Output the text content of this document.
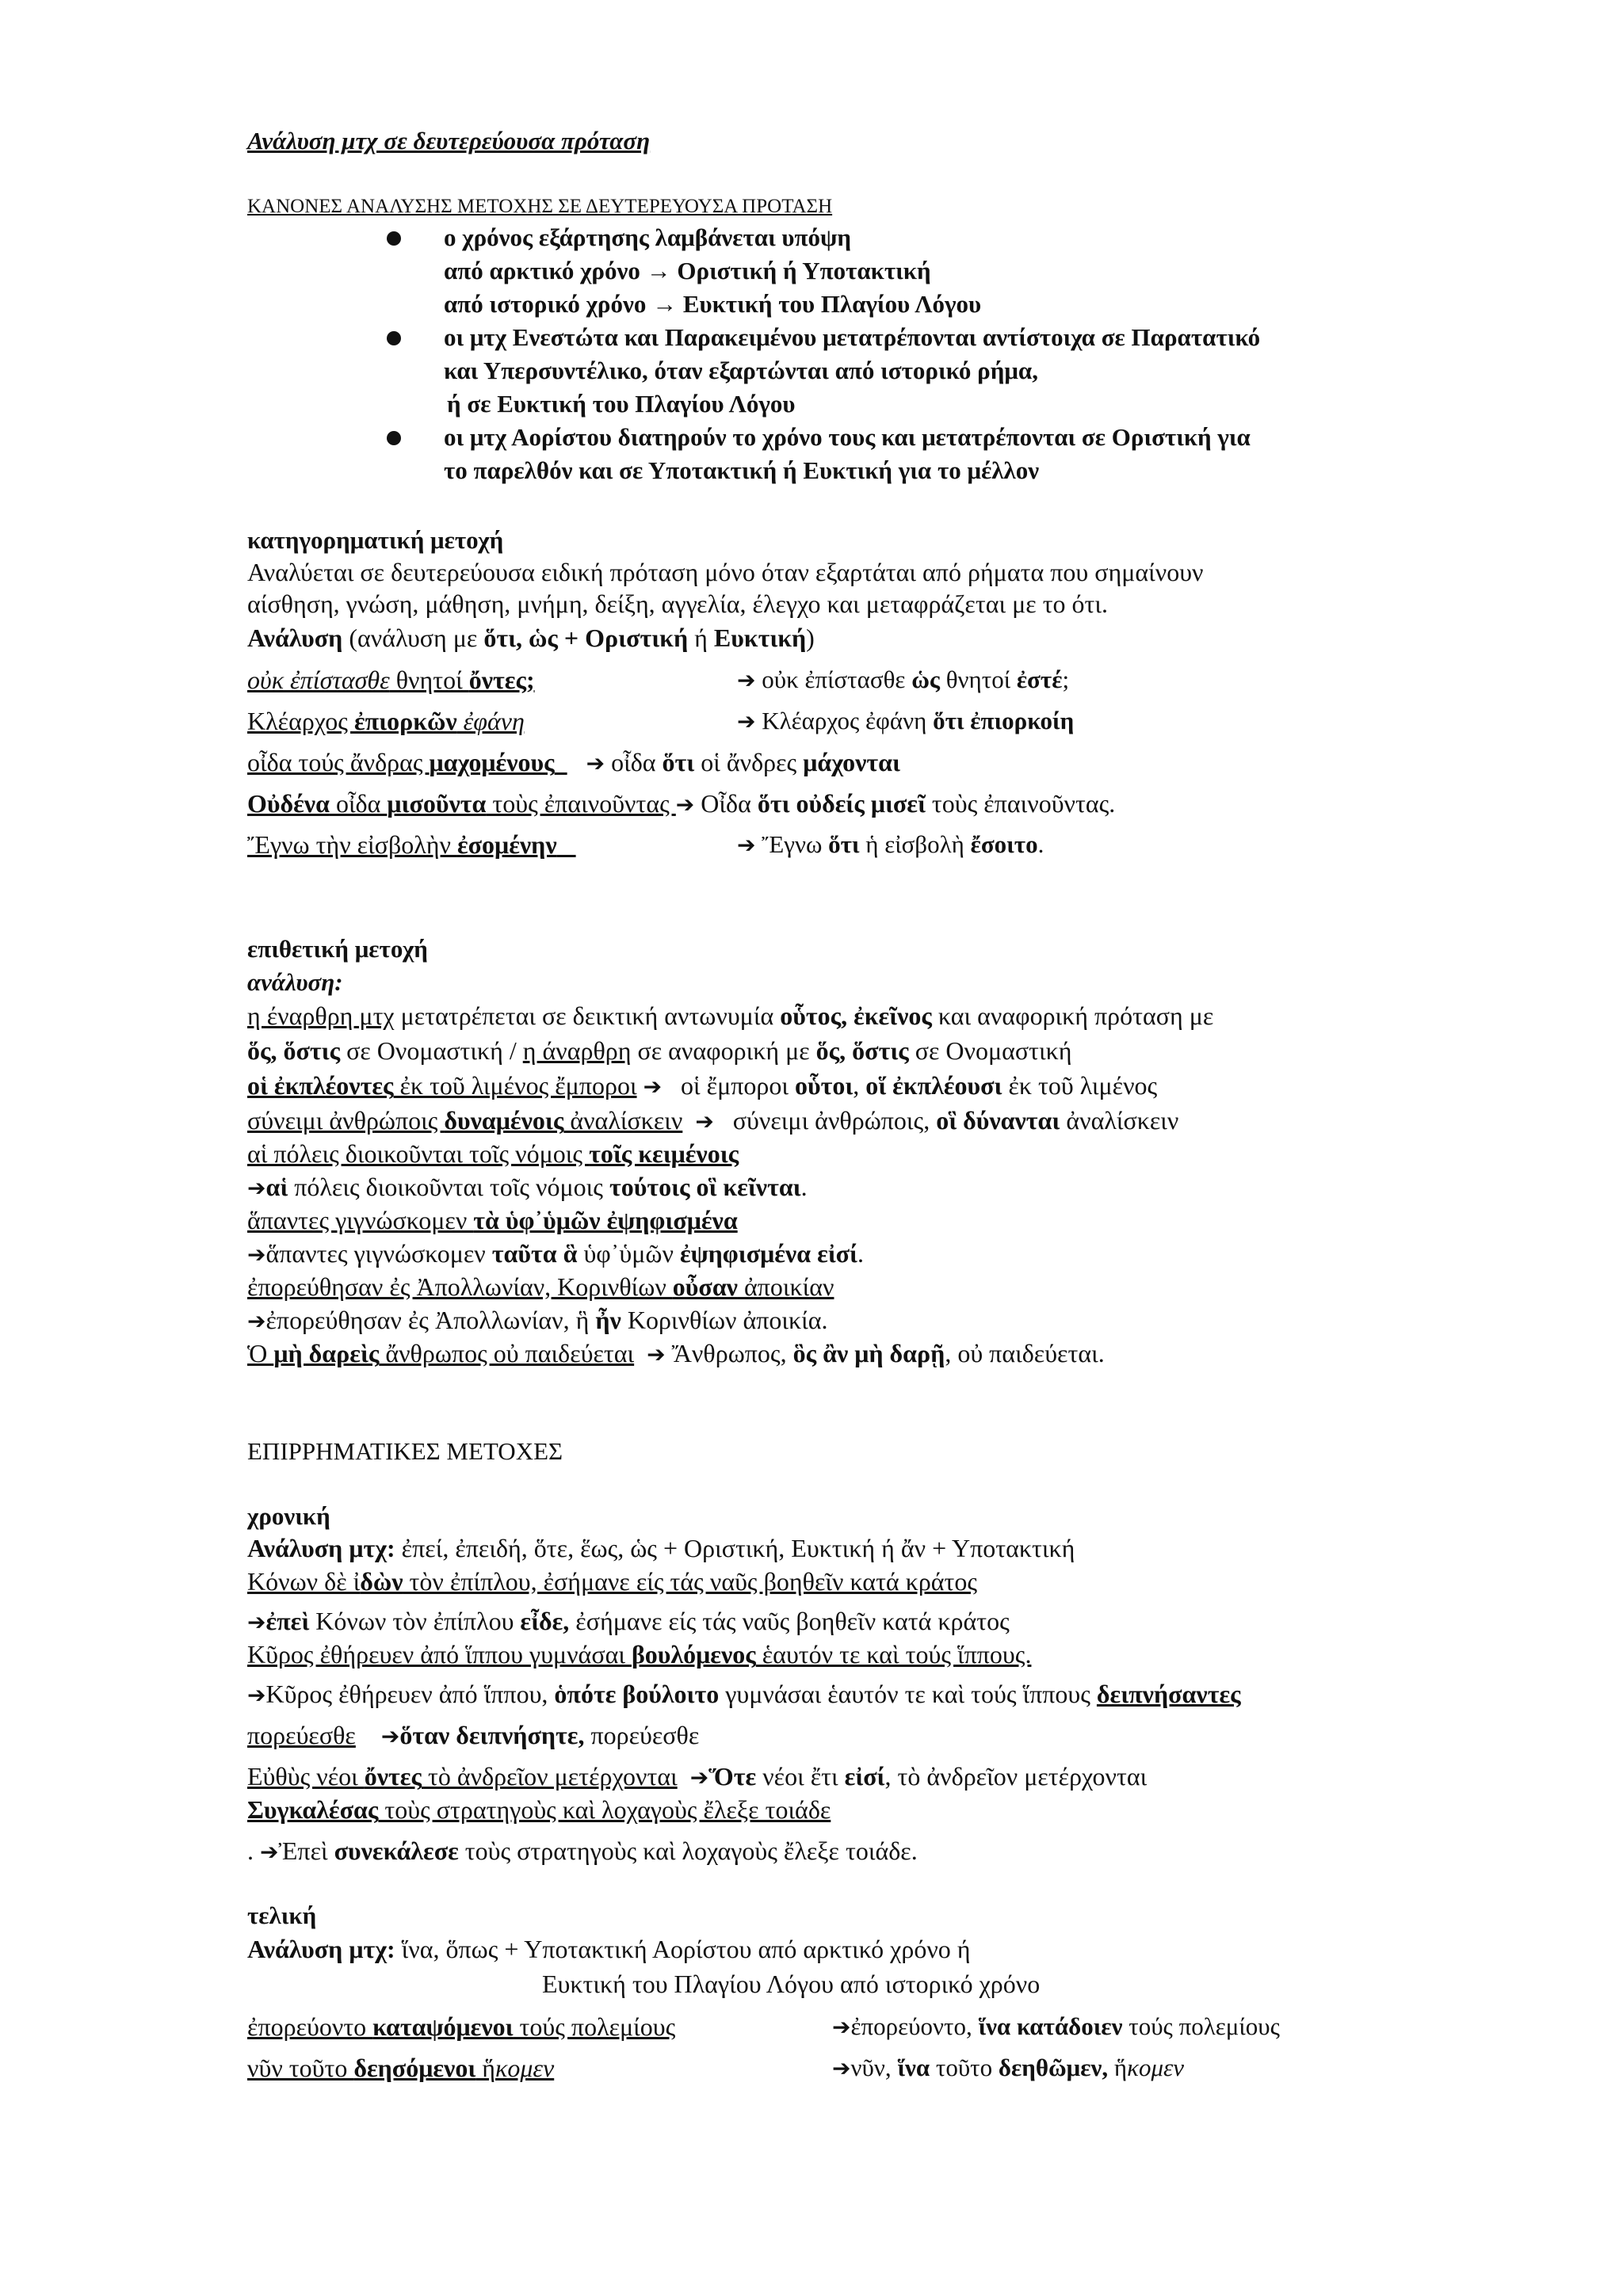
Ανάλυση μτχ σε δευτερεύουσα πρόταση
ΚΑΝΟΝΕΣ ΑΝΑΛΥΣΗΣ ΜΕΤΟΧΗΣ ΣΕ ΔΕΥΤΕΡΕΥΟΥΣΑ ΠΡΟΤΑΣΗ
ο χρόνος εξάρτησης λαμβάνεται υπόψη
από αρκτικό χρόνο → Οριστική ή Υποτακτική
από ιστορικό χρόνο → Ευκτική του Πλαγίου Λόγου
οι μτχ Ενεστώτα και Παρακειμένου μετατρέπονται αντίστοιχα σε Παρατατικό
και Υπερσυντέλικο, όταν εξαρτώνται από ιστορικό ρήμα,
ή σε Ευκτική του Πλαγίου Λόγου
οι μτχ Αορίστου διατηρούν το χρόνο τους και μετατρέπονται σε Οριστική για
το παρελθόν και σε Υποτακτική ή Ευκτική για το μέλλον
κατηγορηματική μετοχή
Αναλύεται σε δευτερεύουσα ειδική πρόταση μόνο όταν εξαρτάται από ρήματα που σημαίνουν
αίσθηση, γνώση, μάθηση, μνήμη, δείξη, αγγελία, έλεγχο και μεταφράζεται με το ότι.
Ανάλυση (ανάλυση με ὅτι, ὡς + Οριστική ή Ευκτική)
οὐκ ἐπίστασθε θνητοί ὄντες;	➔ οὐκ ἐπίστασθε ὡς θνητοί ἐστέ;
Κλέαρχος ἐπιορκῶν ἐφάνη	➔ Κλέαρχος ἐφάνη ὅτι ἐπιορκοίη
οἶδα τούς ἄνδρας μαχομένους ➔ οἶδα ὅτι οἱ ἄνδρες μάχονται
Οὐδένα οἶδα μισοῦντα τοὺς ἐπαινοῦντας ➔ Οἶδα ὅτι οὐδείς μισεῖ τοὺς ἐπαινοῦντας.
Ἔγνω τὴν εἰσβολὴν ἐσομένην	➔ Ἔγνω ὅτι ἡ εἰσβολὴ ἔσοιτο.
επιθετική μετοχή
ανάλυση:
η έναρθρη μτχ μετατρέπεται σε δεικτική αντωνυμία οὗτος, ἐκεῖνος και αναφορική πρόταση με
ὅς, ὅστις σε Ονομαστική / η άναρθρη σε αναφορική με ὅς, ὅστις σε Ονομαστική
οἱ ἐκπλέοντες ἐκ τοῦ λιμένος ἔμποροι ➔ οἱ ἔμποροι οὗτοι, οἵ ἐκπλέουσι ἐκ τοῦ λιμένος
σύνειμι ἀνθρώποις δυναμένοις ἀναλίσκειν ➔ σύνειμι ἀνθρώποις, οἳ δύνανται ἀναλίσκειν
αἱ πόλεις διοικοῦνται τοῖς νόμοις τοῖς κειμένοις
➔αἱ πόλεις διοικοῦνται τοῖς νόμοις τούτοις οἳ κεῖνται.
ἅπαντες γιγνώσκομεν τὰ ὑφ᾿ὑμῶν ἐψηφισμένα
➔ἅπαντες γιγνώσκομεν ταῦτα ἃ ὑφ᾿ὑμῶν ἐψηφισμένα εἰσί.
ἐπορεύθησαν ἐς Ἀπολλωνίαν, Κορινθίων οὖσαν ἀποικίαν
➔ἐπορεύθησαν ἐς Ἀπολλωνίαν, ἣ ἦν Κορινθίων ἀποικία.
Ὁ μὴ δαρεὶς ἄνθρωπος οὐ παιδεύεται ➔ Ἄνθρωπος, ὃς ἂν μὴ δαρῇ, οὐ παιδεύεται.
ΕΠΙΡΡΗΜΑΤΙΚΕΣ ΜΕΤΟΧΕΣ
χρονική
Ανάλυση μτχ: ἐπεί, ἐπειδή, ὅτε, ἕως, ὡς + Οριστική, Ευκτική ή ἄν + Υποτακτική
Κόνων δὲ ἰδὼν τὸν ἐπίπλου, ἐσήμανε είς τάς ναῦς βοηθεῖν κατά κράτος
➔ἐπεὶ Κόνων τὸν ἐπίπλου εἶδε, ἐσήμανε είς τάς ναῦς βοηθεῖν κατά κράτος
Κῦρος ἐθήρευεν ἀπό ἵππου γυμνάσαι βουλόμενος ἑαυτόν τε καὶ τούς ἵππους.
➔Κῦρος ἐθήρευεν ἀπό ἵππου, ὁπότε βούλοιτο γυμνάσαι ἑαυτόν τε καὶ τούς ἵππους δειπνήσαντες
πορεύεσθε ➔ὅταν δειπνήσητε, πορεύεσθε
Εὐθὺς νέοι ὄντες τὸ ἀνδρεῖον μετέρχονται ➔Ὅτε νέοι ἔτι εἰσί, τὸ ἀνδρεῖον μετέρχονται
Συγκαλέσας τοὺς στρατηγοὺς καὶ λοχαγοὺς ἔλεξε τοιάδε
. ➔Ἐπεὶ συνεκάλεσε τοὺς στρατηγοὺς καὶ λοχαγοὺς ἔλεξε τοιάδε.
τελική
Ανάλυση μτχ: ἵνα, ὅπως + Υποτακτική Αορίστου από αρκτικό χρόνο ή
Ευκτική του Πλαγίου Λόγου από ιστορικό χρόνο
ἐπορεύοντο καταψόμενοι τούς πολεμίους	➔ἐπορεύοντο, ἵνα κατάδοιεν τούς πολεμίους
νῦν τοῦτο δεησόμενοι ἥκομεν	➔νῦν, ἵνα τοῦτο δεηθῶμεν, ἥκομεν
